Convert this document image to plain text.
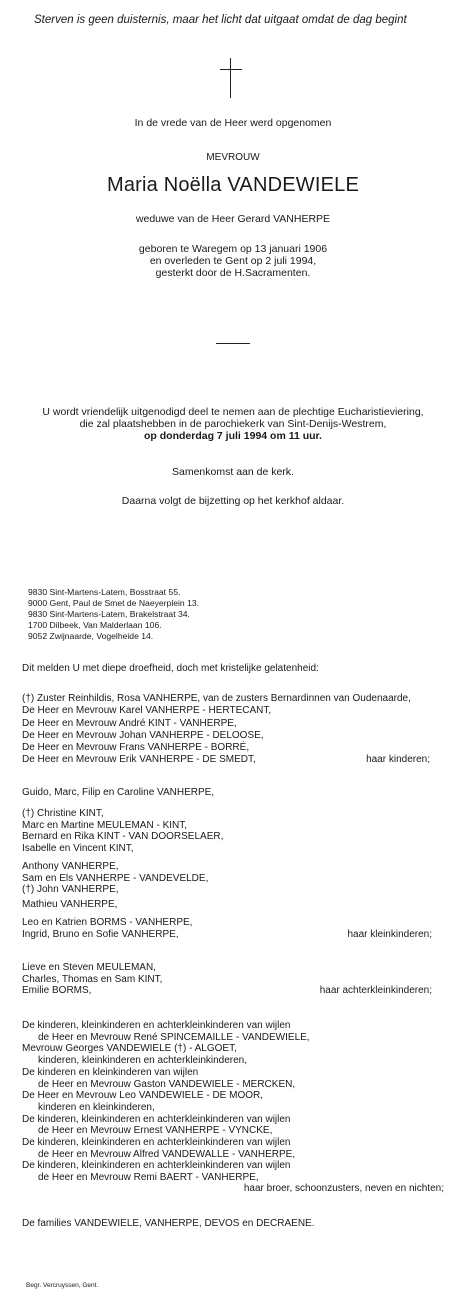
Sterven is geen duisternis, maar het licht dat uitgaat omdat de dag begint
In de vrede van de Heer werd opgenomen
MEVROUW
Maria Noëlla VANDEWIELE
weduwe van de Heer Gerard VANHERPE
geboren te Waregem op 13 januari 1906
en overleden te Gent op 2 juli 1994,
gesterkt door de H.Sacramenten.
U wordt vriendelijk uitgenodigd deel te nemen aan de plechtige Eucharistieviering,
die zal plaatshebben in de parochiekerk van Sint-Denijs-Westrem,
op donderdag 7 juli 1994 om 11 uur.
Samenkomst aan de kerk.
Daarna volgt de bijzetting op het kerkhof aldaar.
9830 Sint-Martens-Latem, Bosstraat 55.
9000 Gent, Paul de Smet de Naeyerplein 13.
9830 Sint-Martens-Latem, Brakelstraat 34.
1700 Dilbeek, Van Malderlaan 106.
9052 Zwijnaarde, Vogelheide 14.
Dit melden U met diepe droefheid, doch met kristelijke gelatenheid:
(†) Zuster Reinhildis, Rosa VANHERPE, van de zusters Bernardinnen van Oudenaarde,
De Heer en Mevrouw Karel VANHERPE - HERTECANT,
De Heer en Mevrouw André KINT - VANHERPE,
De Heer en Mevrouw Johan VANHERPE - DELOOSE,
De Heer en Mevrouw Frans VANHERPE - BORRÉ,
De Heer en Mevrouw Erik VANHERPE - DE SMEDT,	haar kinderen;
Guido, Marc, Filip en Caroline VANHERPE,
(†) Christine KINT,
Marc en Martine MEULEMAN - KINT,
Bernard en Rika KINT - VAN DOORSELAER,
Isabelle en Vincent KINT,
Anthony VANHERPE,
Sam en Els VANHERPE - VANDEVELDE,
(†) John VANHERPE,
Mathieu VANHERPE,
Leo en Katrien BORMS - VANHERPE,
Ingrid, Bruno en Sofie VANHERPE,	haar kleinkinderen;
Lieve en Steven MEULEMAN,
Charles, Thomas en Sam KINT,
Emilie BORMS,	haar achterkleinkinderen;
De kinderen, kleinkinderen en achterkleinkinderen van wijlen
de Heer en Mevrouw René SPINCEMAILLE - VANDEWIELE,
Mevrouw Georges VANDEWIELE (†) - ALGOET,
kinderen, kleinkinderen en achterkleinkinderen,
De kinderen en kleinkinderen van wijlen
de Heer en Mevrouw Gaston VANDEWIELE - MERCKEN,
De Heer en Mevrouw Leo VANDEWIELE - DE MOOR,
kinderen en kleinkinderen,
De kinderen, kleinkinderen en achterkleinkinderen van wijlen
de Heer en Mevrouw Ernest VANHERPE - VYNCKE,
De kinderen, kleinkinderen en achterkleinkinderen van wijlen
de Heer en Mevrouw Alfred VANDEWALLE - VANHERPE,
De kinderen, kleinkinderen en achterkleinkinderen van wijlen
de Heer en Mevrouw Remi BAERT - VANHERPE,
haar broer, schoonzusters, neven en nichten;
De families VANDEWIELE, VANHERPE, DEVOS en DECRAENE.
Begr. Vercruyssen, Gent.
